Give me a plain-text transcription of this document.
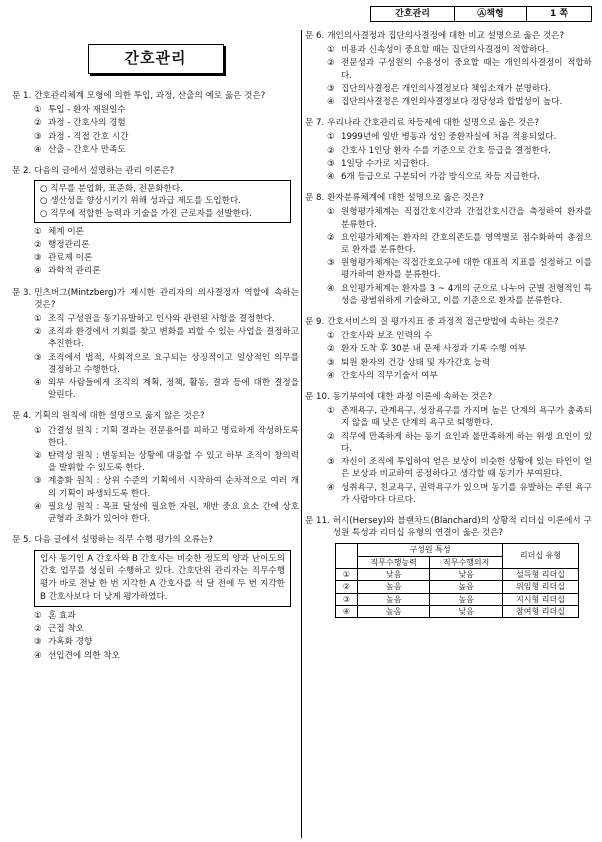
간호관리	Ⓐ책형	1 쪽
간호관리
문 1. 간호관리체계 모형에 의한 투입, 과정, 산출의 예로 옳은 것은?
① 투입 - 환자 재원일수
② 과정 - 간호사의 경험
③ 과정 - 직접 간호 시간
④ 산출 - 간호사 만족도
문 2. 다음의 글에서 설명하는 관리 이론은?
○ 직무를 분업화, 표준화, 전문화한다.
○ 생산성을 향상시키기 위해 성과급 제도를 도입한다.
○ 직무에 적합한 능력과 기술을 가진 근로자를 선발한다.
① 체계 이론
② 행정관리론
③ 관료제 이론
④ 과학적 관리론
문 3. 민츠버그(Mintzberg)가 제시한 관리자의 의사결정자 역할에 속하는 것은?
① 조직 구성원을 동기유발하고 인사와 관련된 사항을 결정한다.
② 조직과 환경에서 기회를 찾고 변화를 꾀할 수 있는 사업을 결정하고 추진한다.
③ 조직에서 법적, 사회적으로 요구되는 상징적이고 일상적인 의무를 결정하고 수행한다.
④ 외부 사람들에게 조직의 계획, 정책, 활동, 결과 등에 대한 결정을 알린다.
문 4. 기획의 원칙에 대한 설명으로 옳지 않은 것은?
① 간결성 원칙 : 기획 결과는 전문용어를 피하고 명료하게 작성하도록 한다.
② 탄력성 원칙 : 변동되는 상황에 대응할 수 있고 하부 조직이 창의력을 발휘할 수 있도록 한다.
③ 계층화 원칙 : 상위 수준의 기획에서 시작하여 순차적으로 여러 개의 기획이 파생되도록 한다.
④ 필요성 원칙 : 목표 달성에 필요한 자원, 재반 중요 요소 간에 상호 균형과 조화가 있어야 한다.
문 5. 다음 글에서 설명하는 직무 수행 평가의 오류는?
입사 동기인 A 간호사와 B 간호사는 비슷한 정도의 양과 난이도의 간호 업무를 성실히 수행하고 있다. 간호단위 관리자는 직무수행 평가 바로 전날 한 번 지각한 A 간호사를 석 달 전에 두 번 지각한 B 간호사보다 더 낮게 평가하였다.
① 혼 효과
② 근접 착오
③ 가혹화 경향
④ 선입견에 의한 착오
문 6. 개인의사결정과 집단의사결정에 대한 비교 설명으로 옳은 것은?
① 비용과 신속성이 중요할 때는 집단의사결정이 적합하다.
② 전문성과 구성원의 수용성이 중요할 때는 개인의사결정이 적합하다.
③ 집단의사결정은 개인의사결정보다 책임소재가 분명하다.
④ 집단의사결정은 개인의사결정보다 정당성과 합법성이 높다.
문 7. 우리나라 간호관리료 차등제에 대한 설명으로 옳은 것은?
① 1999년에 일반 병동과 성인 중환자실에 처음 적용되었다.
② 간호사 1인당 환자 수를 기준으로 간호 등급을 결정한다.
③ 1일당 수가로 지급한다.
④ 6개 등급으로 구분되어 가감 방식으로 차등 지급한다.
문 8. 환자분류체계에 대한 설명으로 옳은 것은?
① 원형평가체계는 직접간호시간과 간접간호시간을 측정하여 환자를 분류한다.
② 요인평가체계는 환자의 간호의존도를 영역별로 점수화하여 총점으로 환자를 분류한다.
③ 원형평가체계는 직접간호요구에 대한 대표적 지표를 설정하고 이를 평가하여 환자를 분류한다.
④ 요인평가체계는 환자를 3 ~ 4개의 군으로 나누어 군별 전형적인 특성을 광범위하게 기술하고, 이를 기준으로 환자를 분류한다.
문 9. 간호서비스의 질 평가지표 중 과정적 접근방법에 속하는 것은?
① 간호사와 보조 인력의 수
② 환자 도착 후 30분 내 문제 사정과 기록 수행 여부
③ 퇴원 환자의 건강 상태 및 자가간호 능력
④ 간호사의 직무기술서 여부
문 10. 동기부여에 대한 과정 이론에 속하는 것은?
① 존재욕구, 관계욕구, 성장욕구를 가지며 높은 단계의 욕구가 충족되지 않을 때 낮은 단계의 욕구로 퇴행한다.
② 직무에 만족하게 하는 동기 요인과 불만족하게 하는 위생 요인이 있다.
③ 자신이 조직에 투입하여 얻은 보상이 비슷한 상황에 있는 타인이 얻은 보상과 비교하여 공정하다고 생각할 때 동기가 부여된다.
④ 성취욕구, 친교욕구, 권력욕구가 있으며 동기를 유발하는 주된 욕구가 사람마다 다르다.
문 11. 허시(Hersey)와 블랜차드(Blanchard)의 상황적 리더십 이론에서 구성원 특성과 리더십 유형의 연결이 옳은 것은?
	구성원 특성		리더십 유형
	직무수행능력	직무수행의지	
①	낮음	낮음	설득형 리더십
②	높음	높음	위임형 리더십
③	높음	높음	지시형 리더십
④	높음	낮음	참여형 리더십
